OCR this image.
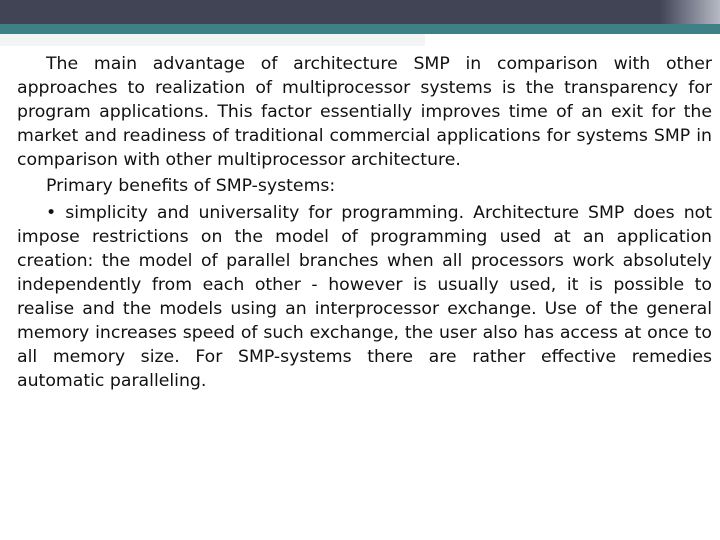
The main advantage of architecture SMP in comparison with other approaches to realization of multiprocessor systems is the transparency for program applications. This factor essentially improves time of an exit for the market and readiness of traditional commercial applications for systems SMP in comparison with other multiprocessor architecture.

Primary benefits of SMP-systems:

• simplicity and universality for programming. Architecture SMP does not impose restrictions on the model of programming used at an application creation: the model of parallel branches when all processors work absolutely independently from each other - however is usually used, it is possible to realise and the models using an interprocessor exchange. Use of the general memory increases speed of such exchange, the user also has access at once to all memory size. For SMP-systems there are rather effective remedies automatic paralleling.
